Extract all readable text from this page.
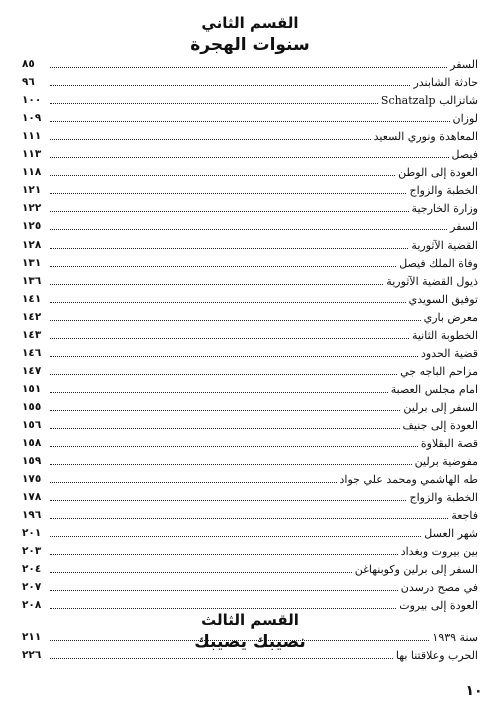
القسم الثاني
سنوات الهجرة
السفر
٨٥
حادثة الشابندر
٩٦
شاتزالب Schatzalp
١٠٠
لوزان
١٠٩
المعاهدة ونوري السعيد
١١١
فيصل
١١٣
العودة إلى الوطن
١١٨
الخطبة والزواج
١٢١
وزارة الخارجية
١٢٢
السفر
١٢٥
القضية الآثورية
١٢٨
وفاة الملك فيصل
١٣١
ذيول القضية الآثورية
١٣٦
توفيق السويدي
١٤١
معرض باري
١٤٢
الخطوبة الثانية
١٤٣
قضية الحدود
١٤٦
مزاحم الباجه جي
١٤٧
امام مجلس العصبة
١٥١
السفر إلى برلين
١٥٥
العودة إلى جنيف
١٥٦
قصة البقلاوة
١٥٨
مفوضية برلين
١٥٩
طه الهاشمي ومحمد علي جواد
١٧٥
الخطبة والزواج
١٧٨
فاجعة
١٩٦
شهر العسل
٢٠١
بين بيروت وبغداد
٢٠٣
السفر إلى برلين وكوبنهاغن
٢٠٤
في مصح درسدن
٢٠٧
العودة إلى بيروت
٢٠٨
القسم الثالث
نصيبك يصيبك	سنة ١٩٣٩
٢١١
الحرب وعلاقتنا بها
٢٢٦
١٠
